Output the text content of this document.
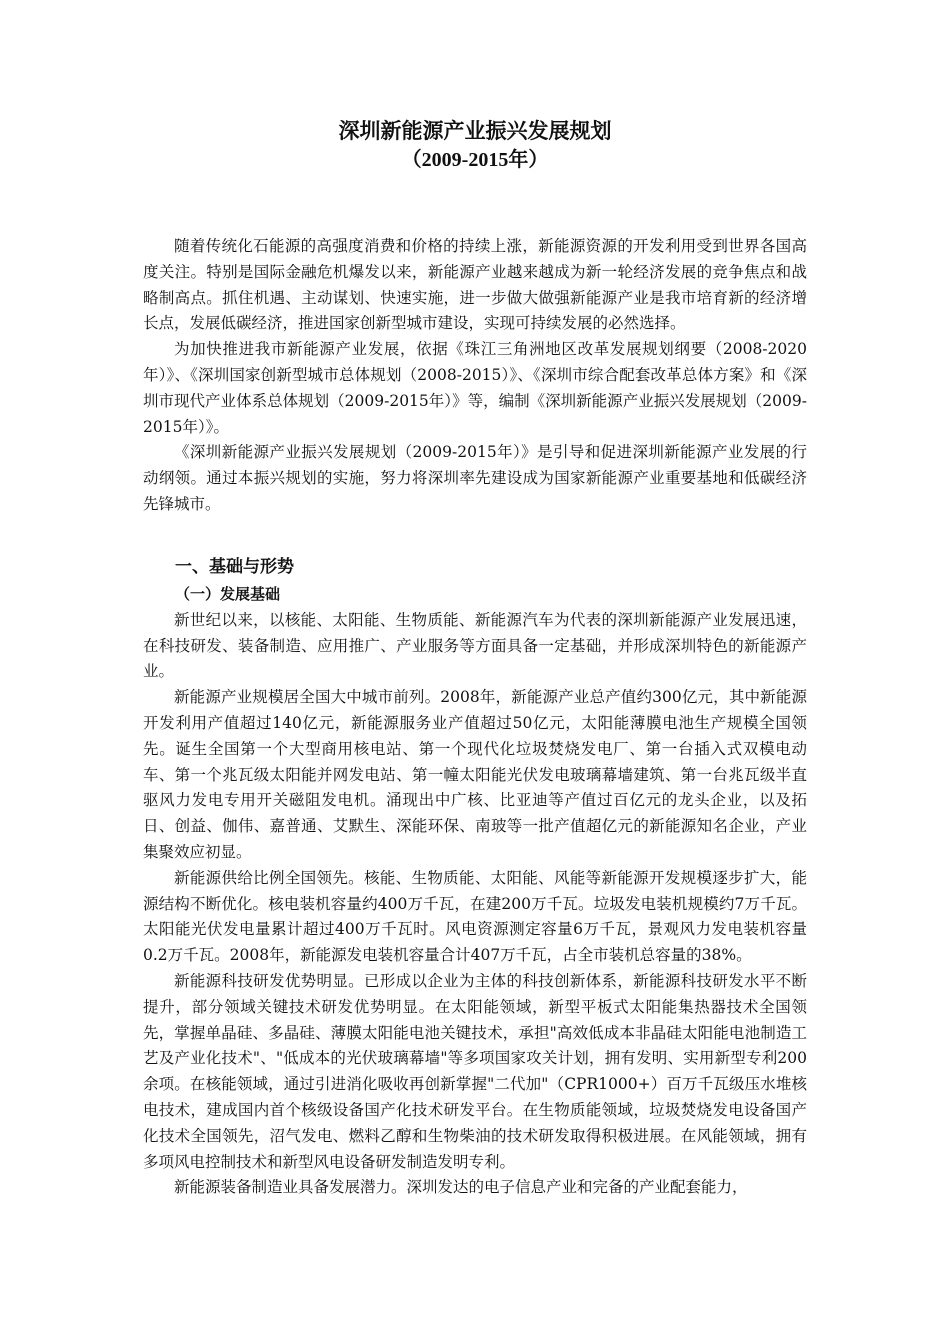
深圳新能源产业振兴发展规划
（2009-2015年）

随着传统化石能源的高强度消费和价格的持续上涨，新能源资源的开发利用受到世界各国高度关注。特别是国际金融危机爆发以来，新能源产业越来越成为新一轮经济发展的竞争焦点和战略制高点。抓住机遇、主动谋划、快速实施，进一步做大做强新能源产业是我市培育新的经济增长点，发展低碳经济，推进国家创新型城市建设，实现可持续发展的必然选择。

为加快推进我市新能源产业发展，依据《珠江三角洲地区改革发展规划纲要（2008-2020年）》、《深圳国家创新型城市总体规划（2008-2015）》、《深圳市综合配套改革总体方案》和《深圳市现代产业体系总体规划（2009-2015年）》等，编制《深圳新能源产业振兴发展规划（2009-2015年）》。

《深圳新能源产业振兴发展规划（2009-2015年）》是引导和促进深圳新能源产业发展的行动纲领。通过本振兴规划的实施，努力将深圳率先建设成为国家新能源产业重要基地和低碳经济先锋城市。

一、基础与形势
（一）发展基础

新世纪以来，以核能、太阳能、生物质能、新能源汽车为代表的深圳新能源产业发展迅速，在科技研发、装备制造、应用推广、产业服务等方面具备一定基础，并形成深圳特色的新能源产业。

新能源产业规模居全国大中城市前列。2008年，新能源产业总产值约300亿元，其中新能源开发利用产值超过140亿元，新能源服务业产值超过50亿元，太阳能薄膜电池生产规模全国领先。诞生全国第一个大型商用核电站、第一个现代化垃圾焚烧发电厂、第一台插入式双模电动车、第一个兆瓦级太阳能并网发电站、第一幢太阳能光伏发电玻璃幕墙建筑、第一台兆瓦级半直驱风力发电专用开关磁阻发电机。涌现出中广核、比亚迪等产值过百亿元的龙头企业，以及拓日、创益、伽伟、嘉普通、艾默生、深能环保、南玻等一批产值超亿元的新能源知名企业，产业集聚效应初显。

新能源供给比例全国领先。核能、生物质能、太阳能、风能等新能源开发规模逐步扩大，能源结构不断优化。核电装机容量约400万千瓦，在建200万千瓦。垃圾发电装机规模约7万千瓦。太阳能光伏发电量累计超过400万千瓦时。风电资源测定容量6万千瓦，景观风力发电装机容量0.2万千瓦。2008年，新能源发电装机容量合计407万千瓦，占全市装机总容量的38%。

新能源科技研发优势明显。已形成以企业为主体的科技创新体系，新能源科技研发水平不断提升，部分领域关键技术研发优势明显。在太阳能领域，新型平板式太阳能集热器技术全国领先，掌握单晶硅、多晶硅、薄膜太阳能电池关键技术，承担"高效低成本非晶硅太阳能电池制造工艺及产业化技术"、"低成本的光伏玻璃幕墙"等多项国家攻关计划，拥有发明、实用新型专利200余项。在核能领域，通过引进消化吸收再创新掌握"二代加"（CPR1000+）百万千瓦级压水堆核电技术，建成国内首个核级设备国产化技术研发平台。在生物质能领域，垃圾焚烧发电设备国产化技术全国领先，沼气发电、燃料乙醇和生物柴油的技术研发取得积极进展。在风能领域，拥有多项风电控制技术和新型风电设备研发制造发明专利。

新能源装备制造业具备发展潜力。深圳发达的电子信息产业和完备的产业配套能力，
